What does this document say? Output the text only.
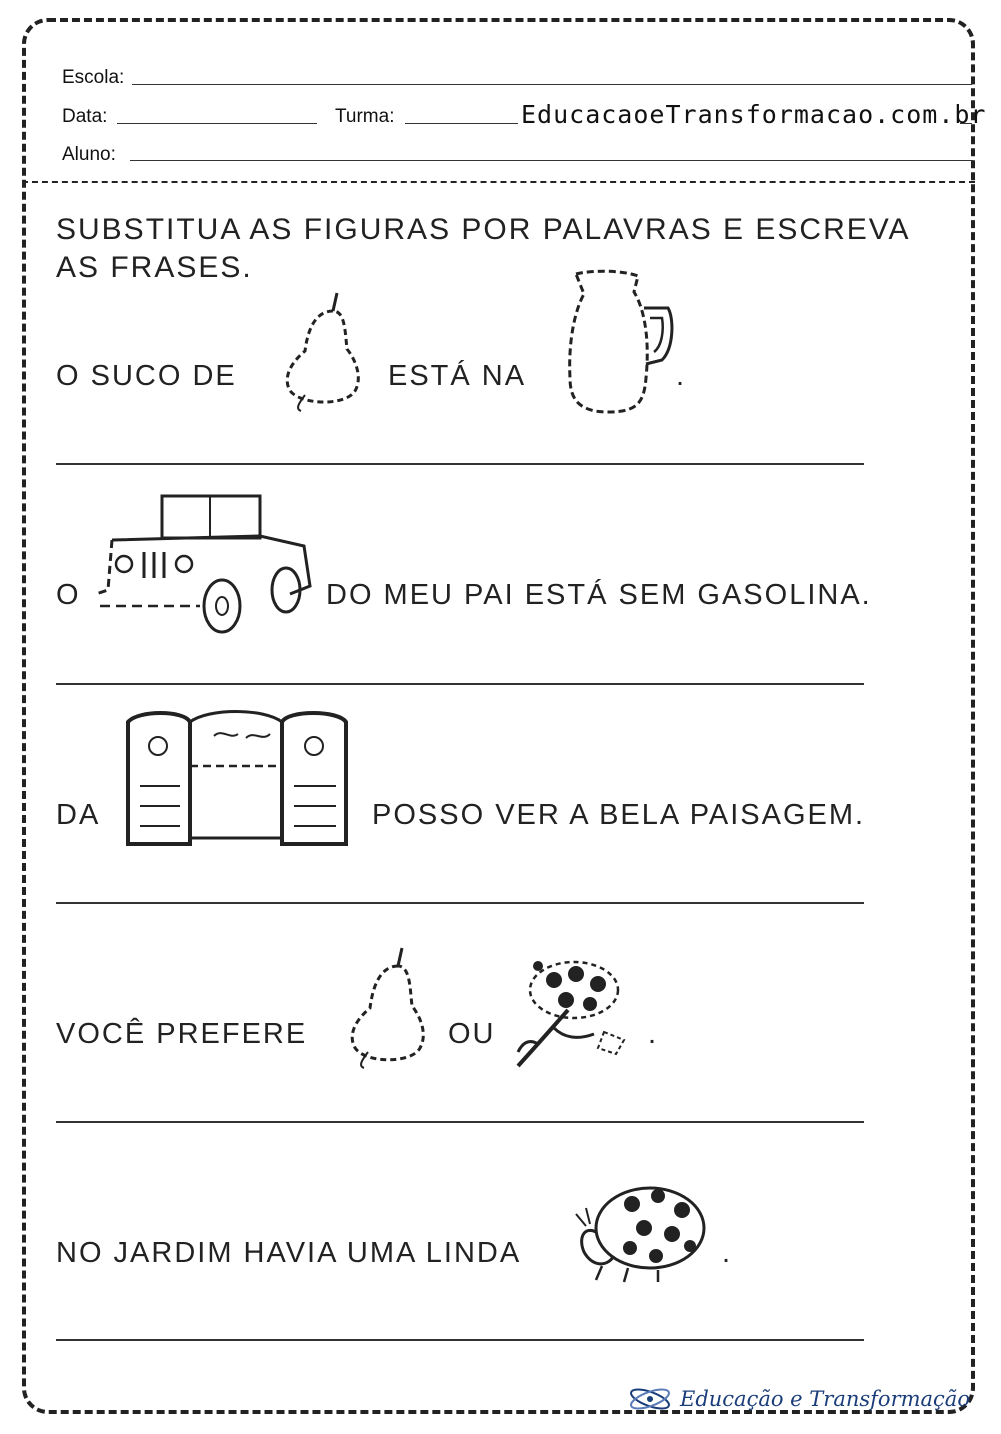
Escola:
Data:	Turma:	EducacaoeTransformacao.com.br
Aluno:
SUBSTITUA AS FIGURAS POR PALAVRAS E ESCREVA AS FRASES.
O SUCO DE	ESTÁ NA	.
O	DO MEU PAI ESTÁ SEM GASOLINA.
DA	POSSO VER A BELA PAISAGEM.
VOCÊ PREFERE	OU	.
NO JARDIM HAVIA UMA LINDA	.
Educação e Transformação
